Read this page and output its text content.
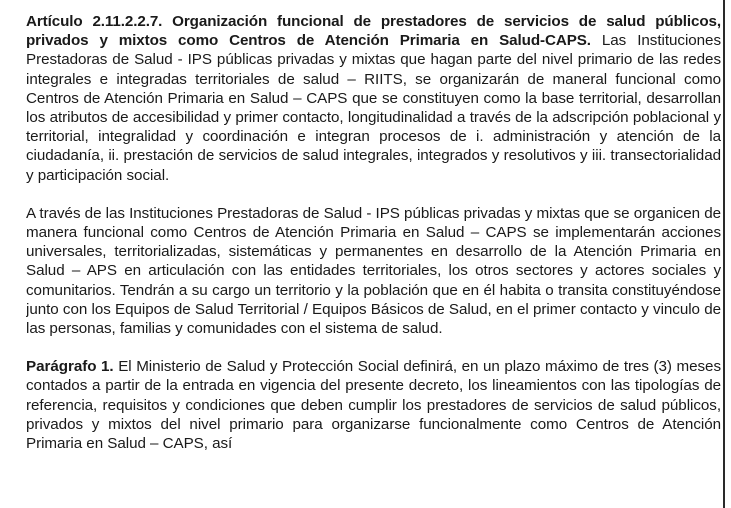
Artículo 2.11.2.2.7. Organización funcional de prestadores de servicios de salud públicos, privados y mixtos como Centros de Atención Primaria en Salud-CAPS. Las Instituciones Prestadoras de Salud - IPS públicas privadas y mixtas que hagan parte del nivel primario de las redes integrales e integradas territoriales de salud – RIITS, se organizarán de maneral funcional como Centros de Atención Primaria en Salud – CAPS que se constituyen como la base territorial, desarrollan los atributos de accesibilidad y primer contacto, longitudinalidad a través de la adscripción poblacional y territorial, integralidad y coordinación e integran procesos de i. administración y atención de la ciudadanía, ii. prestación de servicios de salud integrales, integrados y resolutivos y iii. transectorialidad y participación social.

A través de las Instituciones Prestadoras de Salud - IPS públicas privadas y mixtas que se organicen de manera funcional como Centros de Atención Primaria en Salud – CAPS se implementarán acciones universales, territorializadas, sistemáticas y permanentes en desarrollo de la Atención Primaria en Salud – APS en articulación con las entidades territoriales, los otros sectores y actores sociales y comunitarios. Tendrán a su cargo un territorio y la población que en él habita o transita constituyéndose junto con los Equipos de Salud Territorial / Equipos Básicos de Salud, en el primer contacto y vinculo de las personas, familias y comunidades con el sistema de salud.

Parágrafo 1. El Ministerio de Salud y Protección Social definirá, en un plazo máximo de tres (3) meses contados a partir de la entrada en vigencia del presente decreto, los lineamientos con las tipologías de referencia, requisitos y condiciones que deben cumplir los prestadores de servicios de salud públicos, privados y mixtos del nivel primario para organizarse funcionalmente como Centros de Atención Primaria en Salud – CAPS, así
